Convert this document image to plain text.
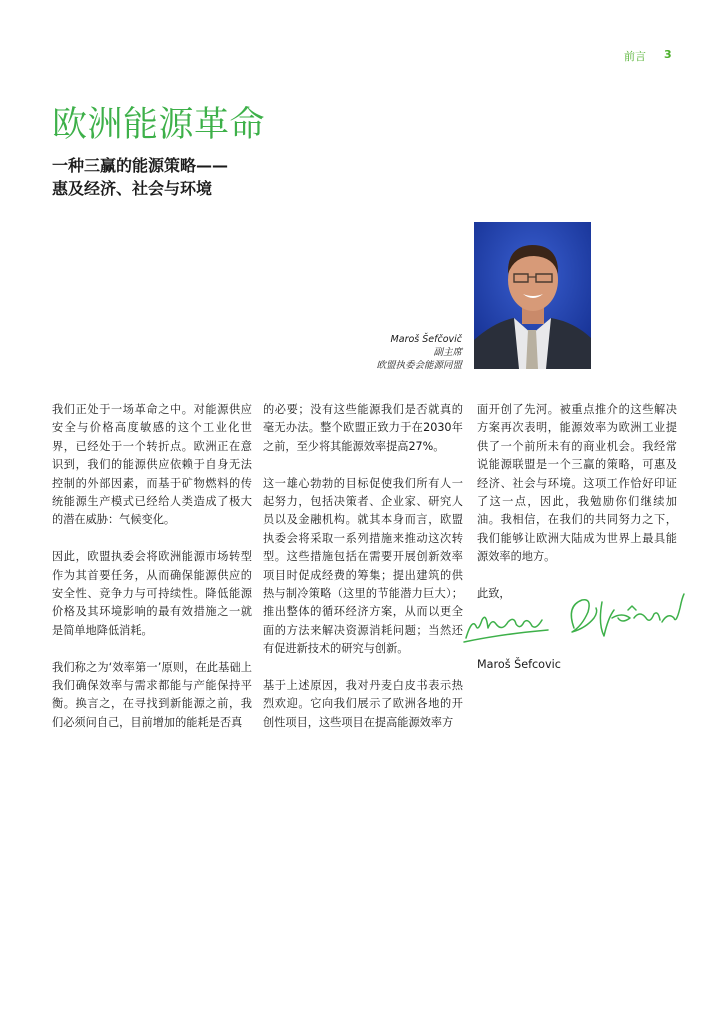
前言 3
欧洲能源革命
一种三赢的能源策略——
惠及经济、社会与环境
Maroš Šefčovič
副主席
欧盟执委会能源同盟

我们正处于一场革命之中。对能源供应安全与价格高度敏感的这个工业化世界，已经处于一个转折点。欧洲正在意识到，我们的能源供应依赖于自身无法控制的外部因素，而基于矿物燃料的传统能源生产模式已经给人类造成了极大的潜在威胁：气候变化。

因此，欧盟执委会将欧洲能源市场转型作为其首要任务，从而确保能源供应的安全性、竞争力与可持续性。降低能源价格及其环境影响的最有效措施之一就是简单地降低消耗。

我们称之为‘效率第一’原则，在此基础上我们确保效率与需求都能与产能保持平衡。换言之，在寻找到新能源之前，我们必须问自己，目前增加的能耗是否真

的必要；没有这些能源我们是否就真的毫无办法。整个欧盟正致力于在2030年之前，至少将其能源效率提高27%。

这一雄心勃勃的目标促使我们所有人一起努力，包括决策者、企业家、研究人员以及金融机构。就其本身而言，欧盟执委会将采取一系列措施来推动这次转型。这些措施包括在需要开展创新效率项目时促成经费的筹集；提出建筑的供热与制冷策略（这里的节能潜力巨大）；推出整体的循环经济方案，从而以更全面的方法来解决资源消耗问题；当然还有促进新技术的研究与创新。

基于上述原因，我对丹麦白皮书表示热烈欢迎。它向我们展示了欧洲各地的开创性项目，这些项目在提高能源效率方

面开创了先河。被重点推介的这些解决方案再次表明，能源效率为欧洲工业提供了一个前所未有的商业机会。我经常说能源联盟是一个三赢的策略，可惠及经济、社会与环境。这项工作恰好印证了这一点，因此，我勉励你们继续加油。我相信，在我们的共同努力之下，我们能够让欧洲大陆成为世界上最具能源效率的地方。

此致，

Maroš Šefcovic
